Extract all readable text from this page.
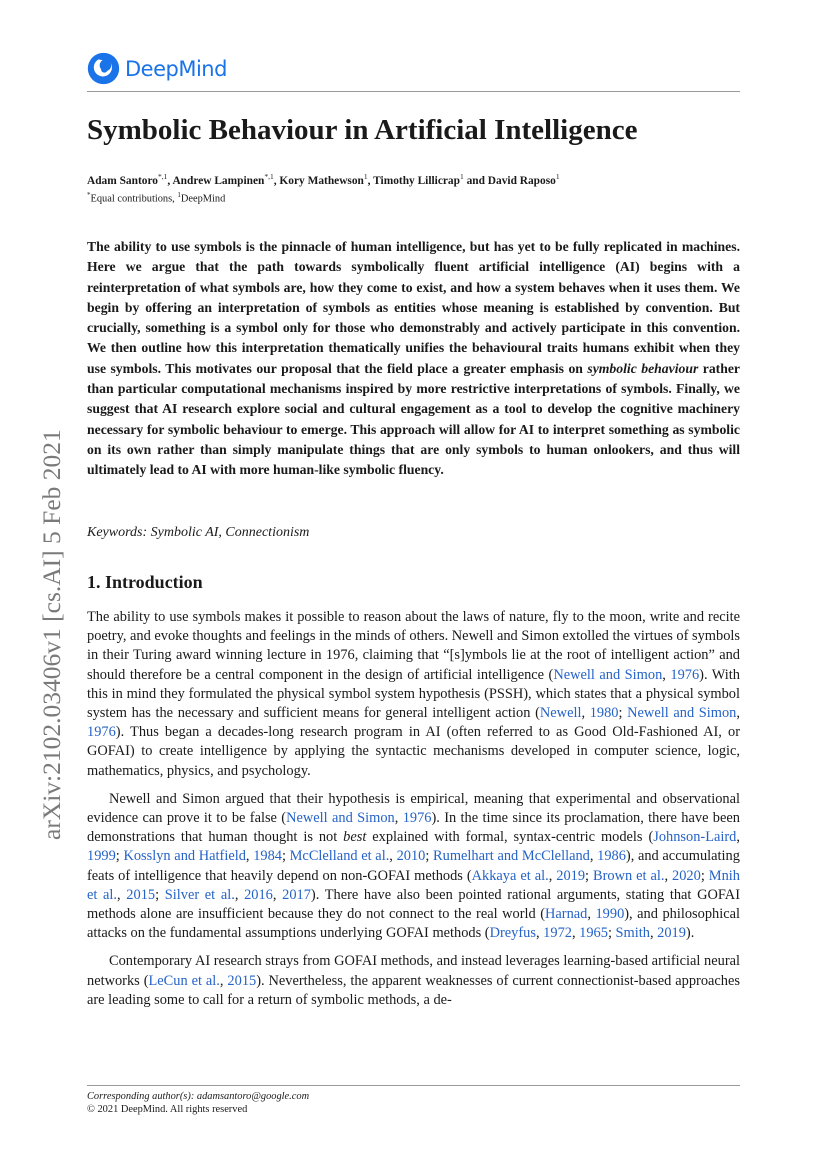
DeepMind
Symbolic Behaviour in Artificial Intelligence
Adam Santoro$^{*,1}$, Andrew Lampinen$^{*,1}$, Kory Mathewson$^1$, Timothy Lillicrap$^1$ and David Raposo$^1$
*Equal contributions, $^1$DeepMind

The ability to use symbols is the pinnacle of human intelligence, but has yet to be fully replicated in machines. Here we argue that the path towards symbolically fluent artificial intelligence (AI) begins with a reinterpretation of what symbols are, how they come to exist, and how a system behaves when it uses them. We begin by offering an interpretation of symbols as entities whose meaning is established by convention. But crucially, something is a symbol only for those who demonstrably and actively participate in this convention. We then outline how this interpretation thematically unifies the behavioural traits humans exhibit when they use symbols. This motivates our proposal that the field place a greater emphasis on symbolic behaviour rather than particular computational mechanisms inspired by more restrictive interpretations of symbols. Finally, we suggest that AI research explore social and cultural engagement as a tool to develop the cognitive machinery necessary for symbolic behaviour to emerge. This approach will allow for AI to interpret something as symbolic on its own rather than simply manipulate things that are only symbols to human onlookers, and thus will ultimately lead to AI with more human-like symbolic fluency.

Keywords: Symbolic AI, Connectionism

1. Introduction

The ability to use symbols makes it possible to reason about the laws of nature, fly to the moon, write and recite poetry, and evoke thoughts and feelings in the minds of others. Newell and Simon extolled the virtues of symbols in their Turing award winning lecture in 1976, claiming that “[s]ymbols lie at the root of intelligent action” and should therefore be a central component in the design of artificial intelligence (Newell and Simon, 1976). With this in mind they formulated the physical symbol system hypothesis (PSSH), which states that a physical symbol system has the necessary and sufficient means for general intelligent action (Newell, 1980; Newell and Simon, 1976). Thus began a decades-long research program in AI (often referred to as Good Old-Fashioned AI, or GOFAI) to create intelligence by applying the syntactic mechanisms developed in computer science, logic, mathematics, physics, and psychology.

Newell and Simon argued that their hypothesis is empirical, meaning that experimental and observational evidence can prove it to be false (Newell and Simon, 1976). In the time since its proclamation, there have been demonstrations that human thought is not best explained with formal, syntax-centric models (Johnson-Laird, 1999; Kosslyn and Hatfield, 1984; McClelland et al., 2010; Rumelhart and McClelland, 1986), and accumulating feats of intelligence that heavily depend on non-GOFAI methods (Akkaya et al., 2019; Brown et al., 2020; Mnih et al., 2015; Silver et al., 2016, 2017). There have also been pointed rational arguments, stating that GOFAI methods alone are insufficient because they do not connect to the real world (Harnad, 1990), and philosophical attacks on the fundamental assumptions underlying GOFAI methods (Dreyfus, 1972, 1965; Smith, 2019).

Contemporary AI research strays from GOFAI methods, and instead leverages learning-based artificial neural networks (LeCun et al., 2015). Nevertheless, the apparent weaknesses of current connectionist-based approaches are leading some to call for a return of symbolic methods, a de-

arXiv:2102.03406v1 [cs.AI] 5 Feb 2021
Corresponding author(s): adamsantoro@google.com
© 2021 DeepMind. All rights reserved
